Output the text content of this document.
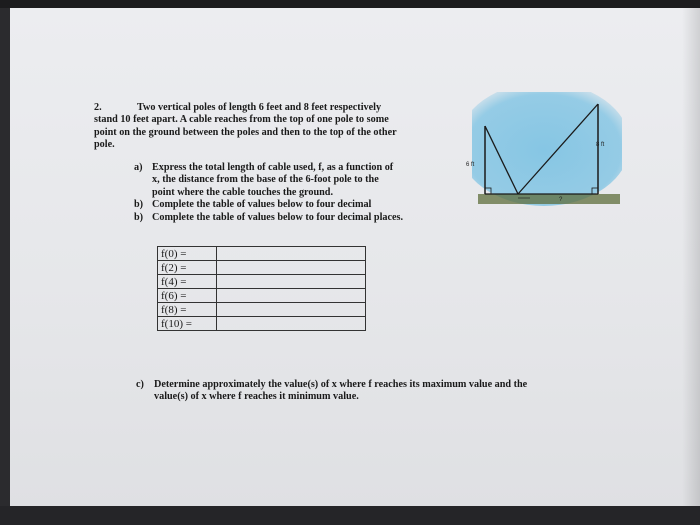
2.	Two vertical poles of length 6 feet and 8 feet respectively
stand 10 feet apart. A cable reaches from the top of one pole to some
point on the ground between the poles and then to the top of the other
pole.
a) Express the total length of cable used, f, as a function of
x, the distance from the base of the 6-foot pole to the
point where the cable touches the ground.
b) Complete the table of values below to four decimal
b) Complete the table of values below to four decimal places.
f(0) =	
f(2) =	
f(4) =	
f(6) =	
f(8) =	
f(10) =	
c) Determine approximately the value(s) of x where f reaches its maximum value and the
value(s) of x where f reaches it minimum value.
6 ft
8 ft
?
